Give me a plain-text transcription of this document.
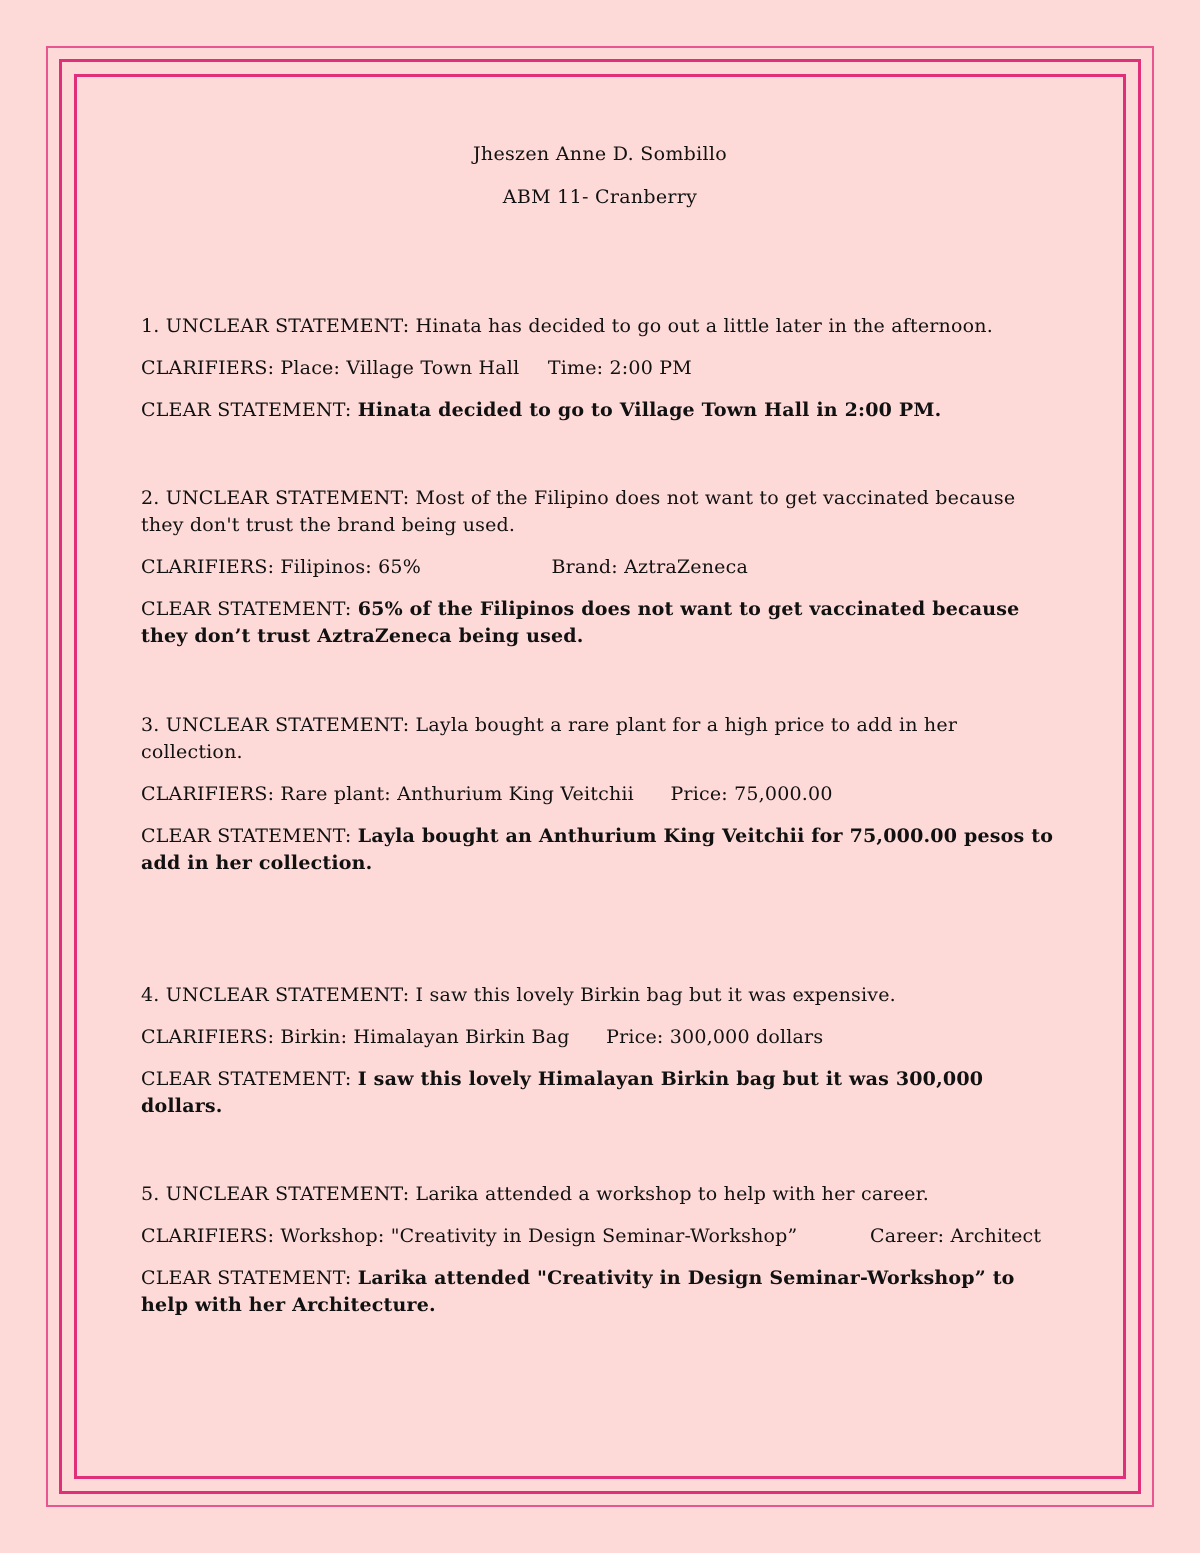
Jheszen Anne D. Sombillo
ABM 11- Cranberry

1. UNCLEAR STATEMENT: Hinata has decided to go out a little later in the afternoon.

CLARIFIERS: Place: Village Town Hall Time: 2:00 PM

CLEAR STATEMENT: Hinata decided to go to Village Town Hall in 2:00 PM.

2. UNCLEAR STATEMENT: Most of the Filipino does not want to get vaccinated because they don't trust the brand being used.

CLARIFIERS: Filipinos: 65%	Brand: AztraZeneca

CLEAR STATEMENT: 65% of the Filipinos does not want to get vaccinated because they don’t trust AztraZeneca being used.

3. UNCLEAR STATEMENT: Layla bought a rare plant for a high price to add in her collection.

CLARIFIERS: Rare plant: Anthurium King Veitchii Price: 75,000.00

CLEAR STATEMENT: Layla bought an Anthurium King Veitchii for 75,000.00 pesos to add in her collection.

4. UNCLEAR STATEMENT: I saw this lovely Birkin bag but it was expensive.

CLARIFIERS: Birkin: Himalayan Birkin Bag Price: 300,000 dollars

CLEAR STATEMENT: I saw this lovely Himalayan Birkin bag but it was 300,000 dollars.

5. UNCLEAR STATEMENT: Larika attended a workshop to help with her career.

CLARIFIERS: Workshop: "Creativity in Design Seminar-Workshop”	Career: Architect

CLEAR STATEMENT: Larika attended "Creativity in Design Seminar-Workshop” to help with her Architecture.
